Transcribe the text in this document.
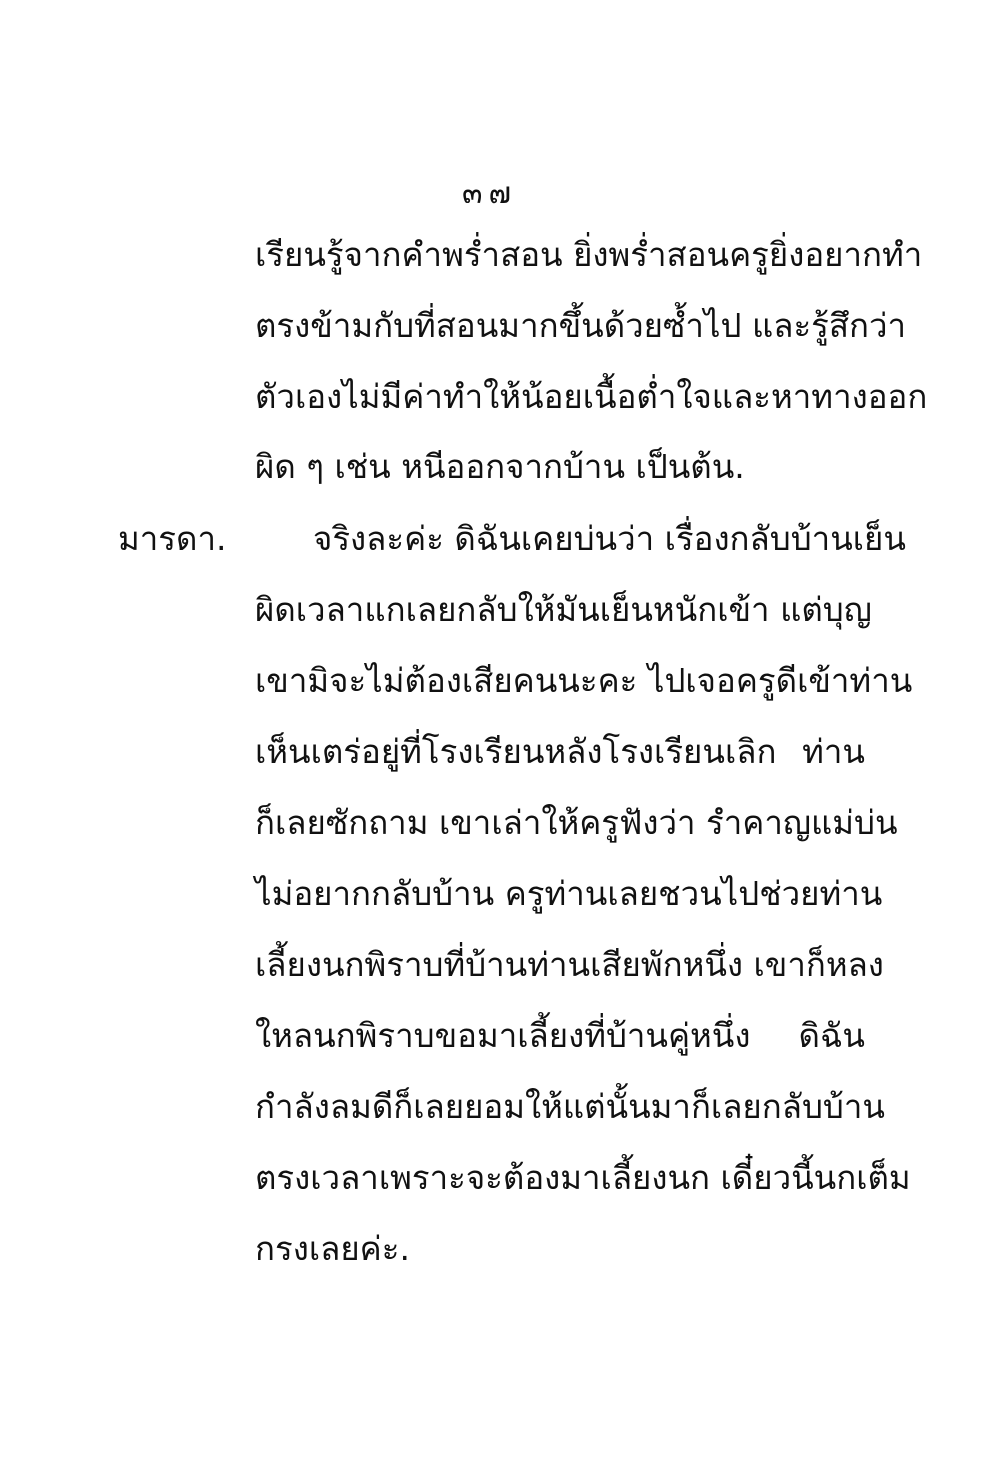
๓๗
มารดา.
เรียนรู้จากคำพร่ำสอน ยิ่งพร่ำสอนครูยิ่งอยากทำ
ตรงข้ามกับที่สอนมากขึ้นด้วยซ้ำไป และรู้สึกว่า
ตัวเองไม่มีค่าทำให้น้อยเนื้อต่ำใจและหาทางออก
ผิด ๆ เช่น หนีออกจากบ้าน เป็นต้น.
จริงละค่ะ ดิฉันเคยบ่นว่า เรื่องกลับบ้านเย็น
ผิดเวลาแกเลยกลับให้มันเย็นหนักเข้า แต่บุญ
เขามิจะไม่ต้องเสียคนนะคะ ไปเจอครูดีเข้าท่าน
เห็นเตร่อยู่ที่โรงเรียนหลังโรงเรียนเลิก ท่าน
ก็เลยซักถาม เขาเล่าให้ครูฟังว่า รำคาญแม่บ่น
ไม่อยากกลับบ้าน ครูท่านเลยชวนไปช่วยท่าน
เลี้ยงนกพิราบที่บ้านท่านเสียพักหนึ่ง เขาก็หลง
ใหลนกพิราบขอมาเลี้ยงที่บ้านคู่หนึ่ง ดิฉัน
กำลังลมดีก็เลยยอมให้แต่นั้นมาก็เลยกลับบ้าน
ตรงเวลาเพราะจะต้องมาเลี้ยงนก เดี๋ยวนี้นกเต็ม
กรงเลยค่ะ.
